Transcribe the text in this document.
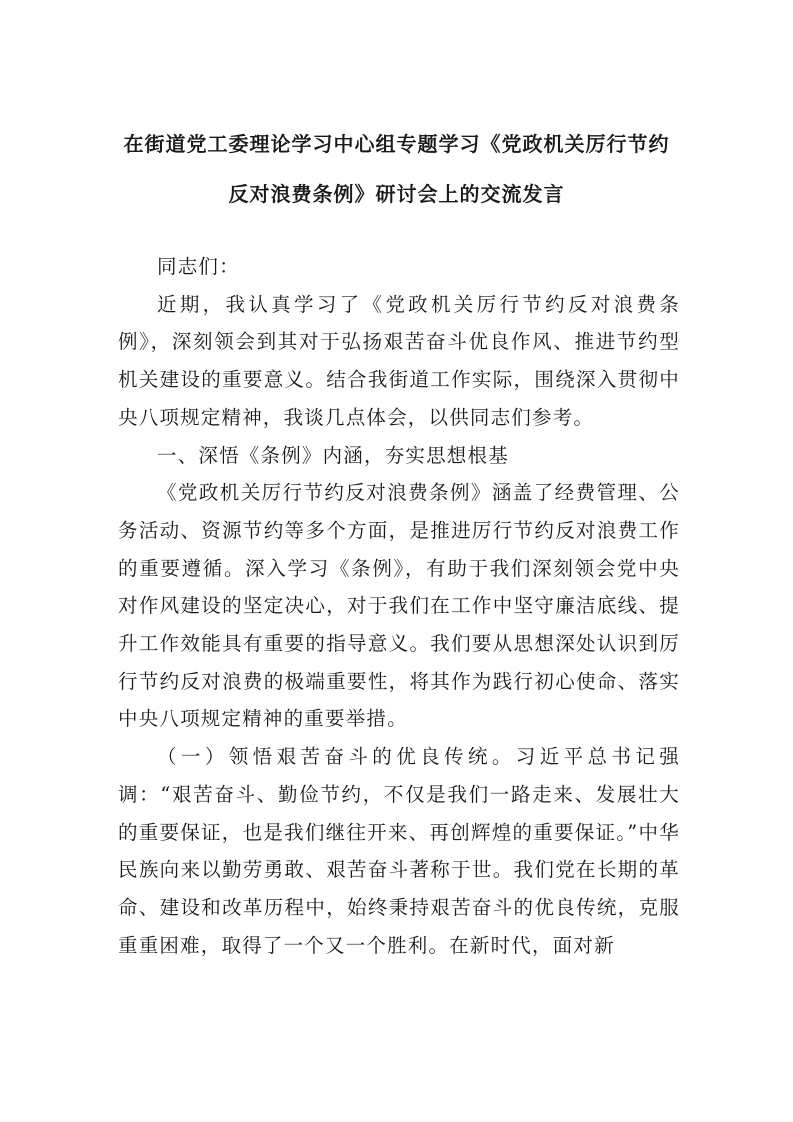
在街道党工委理论学习中心组专题学习《党政机关厉行节约
反对浪费条例》研讨会上的交流发言

同志们：

近期，我认真学习了《党政机关厉行节约反对浪费条例》，深刻领会到其对于弘扬艰苦奋斗优良作风、推进节约型机关建设的重要意义。结合我街道工作实际，围绕深入贯彻中央八项规定精神，我谈几点体会，以供同志们参考。

一、深悟《条例》内涵，夯实思想根基

《党政机关厉行节约反对浪费条例》涵盖了经费管理、公务活动、资源节约等多个方面，是推进厉行节约反对浪费工作的重要遵循。深入学习《条例》，有助于我们深刻领会党中央对作风建设的坚定决心，对于我们在工作中坚守廉洁底线、提升工作效能具有重要的指导意义。我们要从思想深处认识到厉行节约反对浪费的极端重要性，将其作为践行初心使命、落实中央八项规定精神的重要举措。

（一）领悟艰苦奋斗的优良传统。习近平总书记强调：“艰苦奋斗、勤俭节约，不仅是我们一路走来、发展壮大的重要保证，也是我们继往开来、再创辉煌的重要保证。”中华民族向来以勤劳勇敢、艰苦奋斗著称于世。我们党在长期的革命、建设和改革历程中，始终秉持艰苦奋斗的优良传统，克服重重困难，取得了一个又一个胜利。在新时代，面对新
